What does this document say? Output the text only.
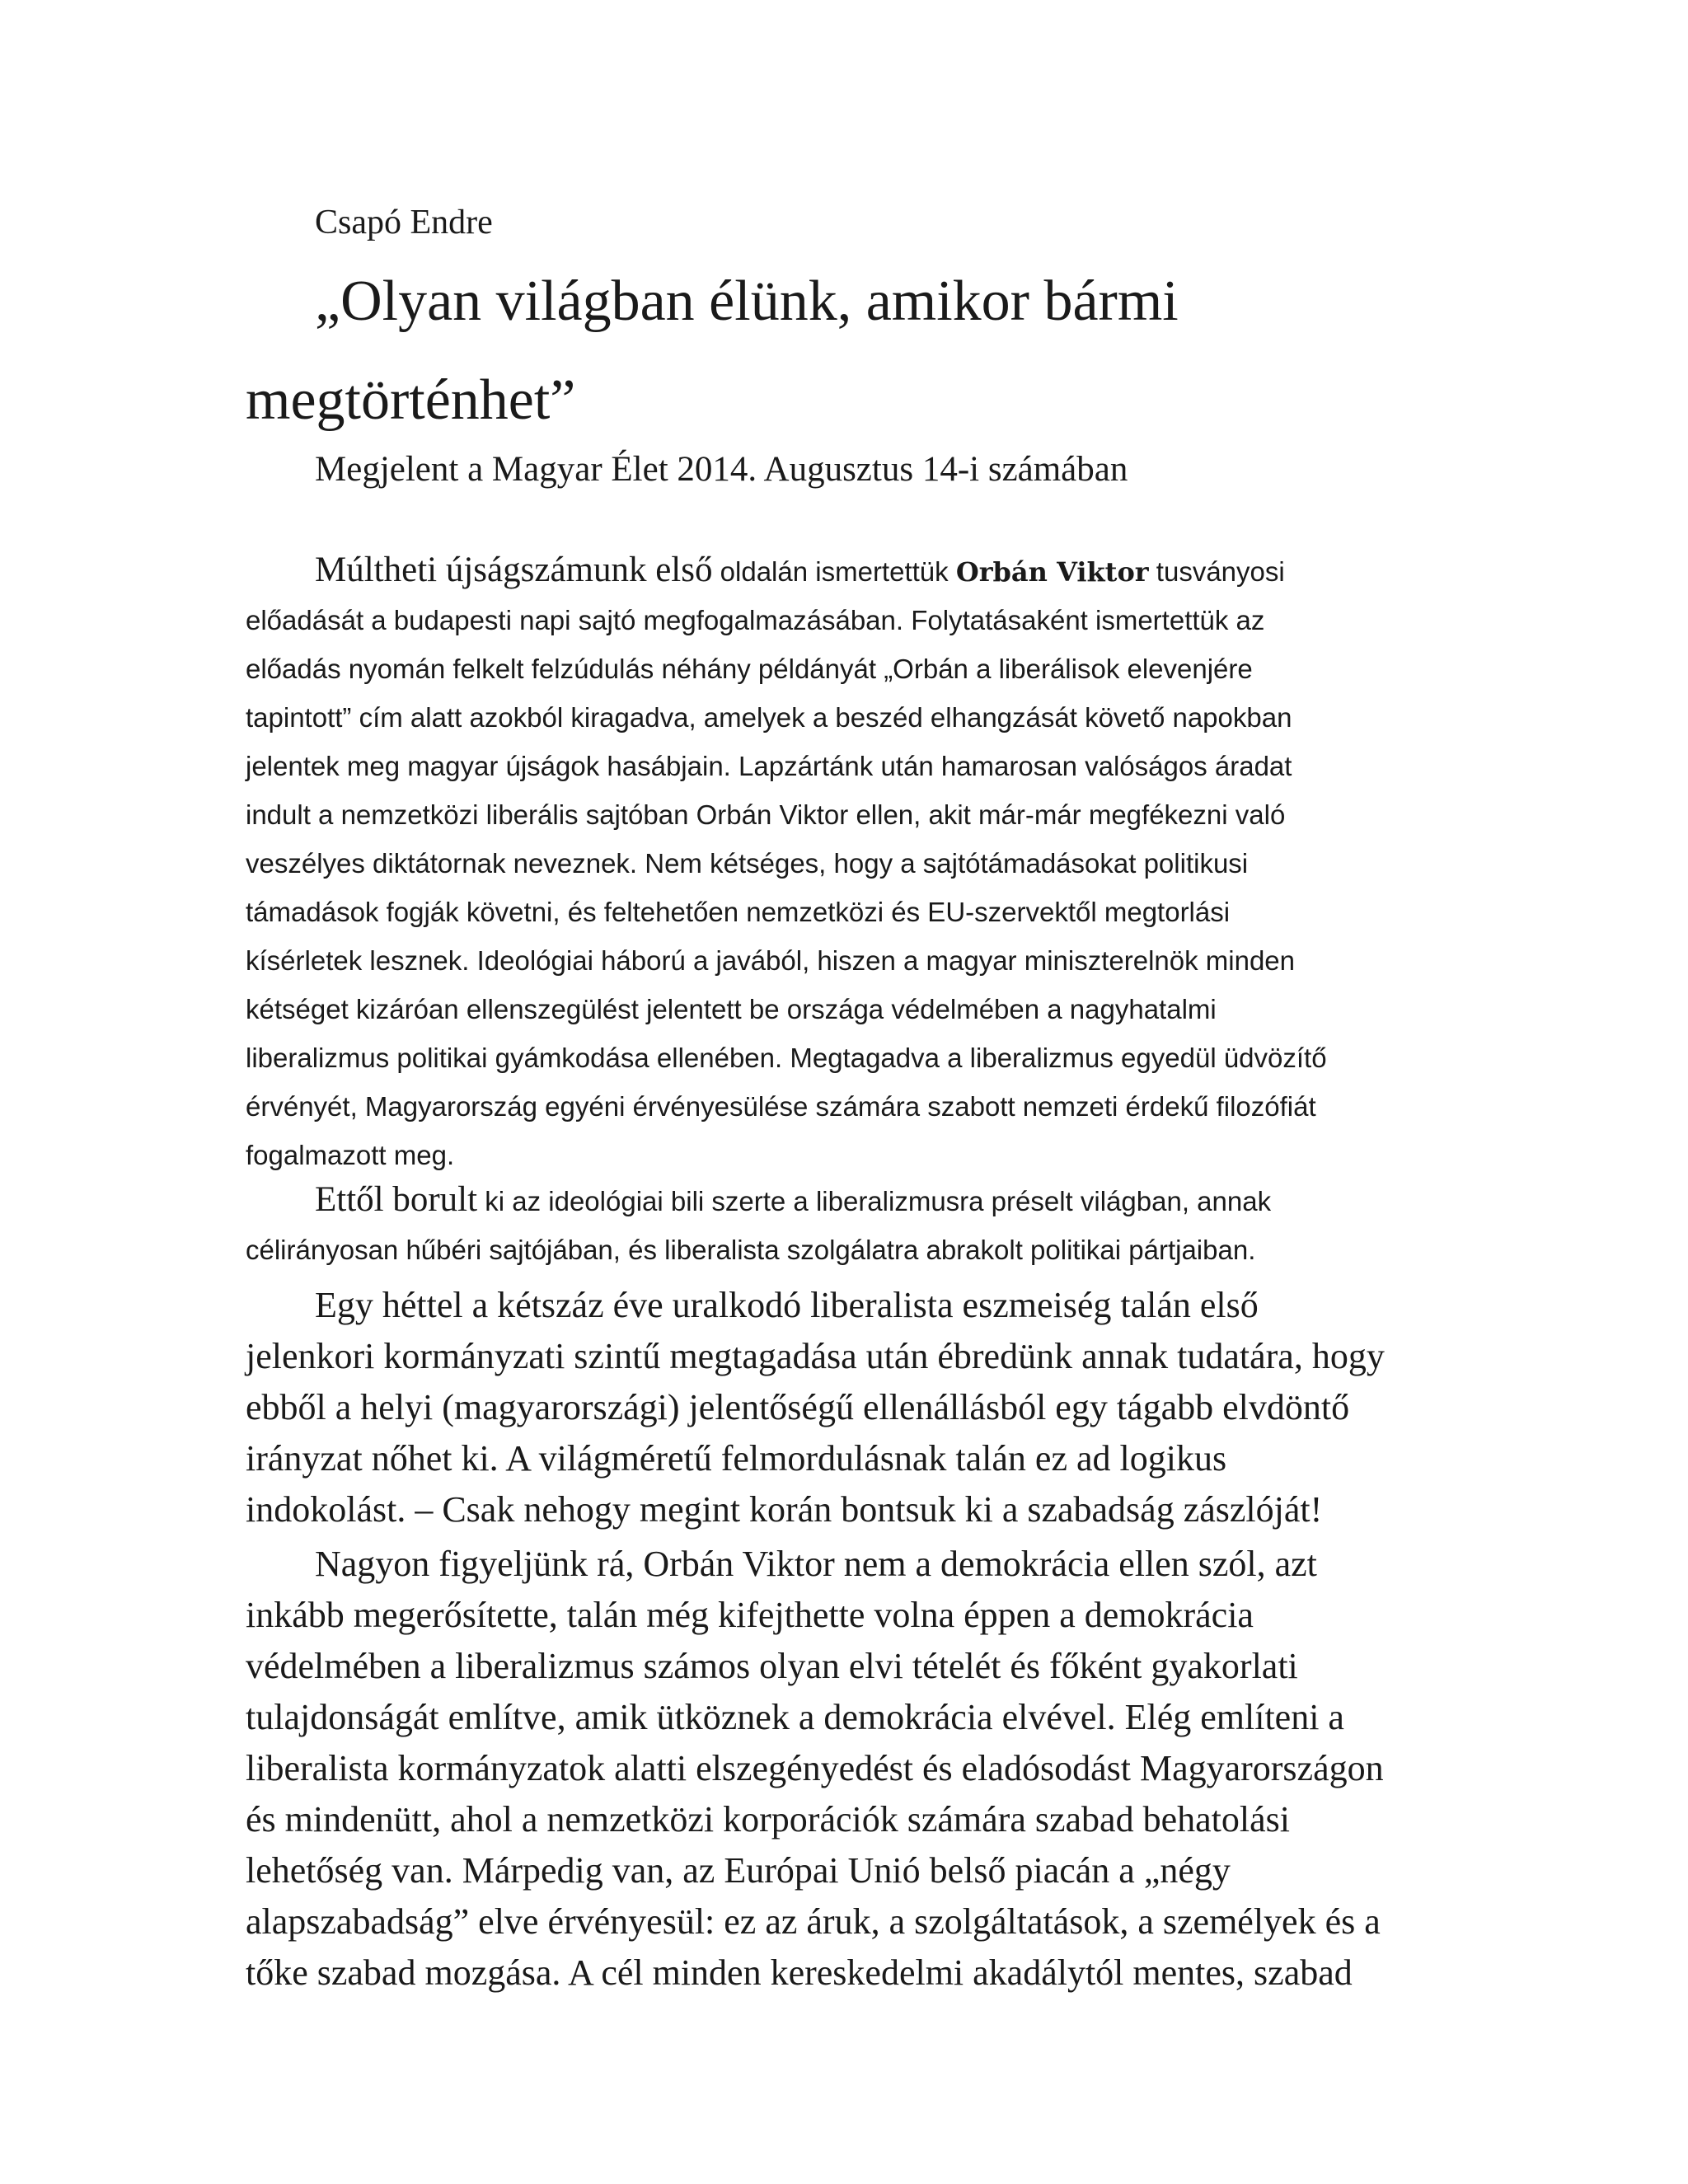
Csapó Endre
„Olyan világban élünk, amikor bármi
megtörténhet”
Megjelent a Magyar Élet 2014. Augusztus 14-i számában
Múltheti újságszámunk első oldalán ismertettük Orbán Viktor tusványosi
előadását a budapesti napi sajtó megfogalmazásában. Folytatásaként ismertettük az
előadás nyomán felkelt felzúdulás néhány példányát „Orbán a liberálisok elevenjére
tapintott” cím alatt azokból kiragadva, amelyek a beszéd elhangzását követő napokban
jelentek meg magyar újságok hasábjain. Lapzártánk után hamarosan valóságos áradat
indult a nemzetközi liberális sajtóban Orbán Viktor ellen, akit már-már megfékezni való
veszélyes diktátornak neveznek. Nem kétséges, hogy a sajtótámadásokat politikusi
támadások fogják követni, és feltehetően nemzetközi és EU-szervektől megtorlási
kísérletek lesznek. Ideológiai háború a javából, hiszen a magyar miniszterelnök minden
kétséget kizáróan ellenszegülést jelentett be országa védelmében a nagyhatalmi
liberalizmus politikai gyámkodása ellenében. Megtagadva a liberalizmus egyedül üdvözítő
érvényét, Magyarország egyéni érvényesülése számára szabott nemzeti érdekű filozófiát
fogalmazott meg.
Ettől borult ki az ideológiai bili szerte a liberalizmusra préselt világban, annak
célirányosan hűbéri sajtójában, és liberalista szolgálatra abrakolt politikai pártjaiban.
Egy héttel a kétszáz éve uralkodó liberalista eszmeiség talán első
jelenkori kormányzati szintű megtagadása után ébredünk annak tudatára, hogy
ebből a helyi (magyarországi) jelentőségű ellenállásból egy tágabb elvdöntő
irányzat nőhet ki. A világméretű felmordulásnak talán ez ad logikus
indokolást. – Csak nehogy megint korán bontsuk ki a szabadság zászlóját!
Nagyon figyeljünk rá, Orbán Viktor nem a demokrácia ellen szól, azt
inkább megerősítette, talán még kifejthette volna éppen a demokrácia
védelmében a liberalizmus számos olyan elvi tételét és főként gyakorlati
tulajdonságát említve, amik ütköznek a demokrácia elvével. Elég említeni a
liberalista kormányzatok alatti elszegényedést és eladósodást Magyarországon
és mindenütt, ahol a nemzetközi korporációk számára szabad behatolási
lehetőség van. Márpedig van, az Európai Unió belső piacán a „négy
alapszabadság” elve érvényesül: ez az áruk, a szolgáltatások, a személyek és a
tőke szabad mozgása. A cél minden kereskedelmi akadálytól mentes, szabad
